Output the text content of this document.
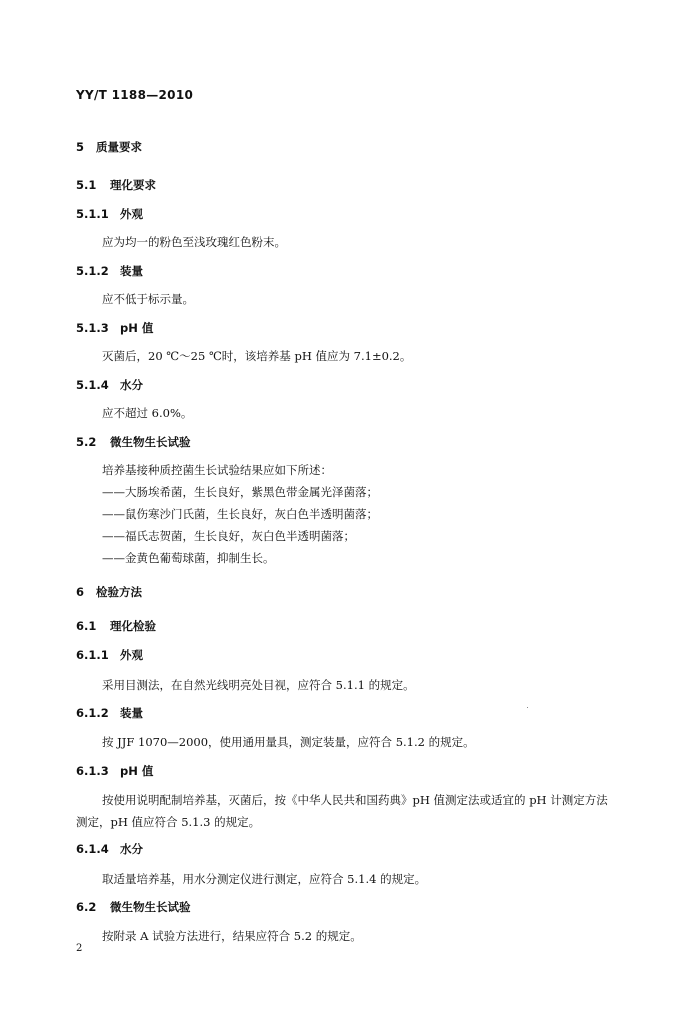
YY/T 1188—2010
5 质量要求
5.1 理化要求
5.1.1 外观
应为均一的粉色至浅玫瑰红色粉末。
5.1.2 装量
应不低于标示量。
5.1.3 pH 值
灭菌后，20 ℃～25 ℃时，该培养基 pH 值应为 7.1±0.2。
5.1.4 水分
应不超过 6.0%。
5.2 微生物生长试验
培养基接种质控菌生长试验结果应如下所述：
——大肠埃希菌，生长良好，紫黑色带金属光泽菌落；
——鼠伤寒沙门氏菌，生长良好，灰白色半透明菌落；
——福氏志贺菌，生长良好，灰白色半透明菌落；
——金黄色葡萄球菌，抑制生长。
6 检验方法
6.1 理化检验
6.1.1 外观
采用目测法，在自然光线明亮处目视，应符合 5.1.1 的规定。
6.1.2 装量
按 JJF 1070—2000，使用通用量具，测定装量，应符合 5.1.2 的规定。
6.1.3 pH 值
按使用说明配制培养基，灭菌后，按《中华人民共和国药典》pH 值测定法或适宜的 pH 计测定方法
测定，pH 值应符合 5.1.3 的规定。
6.1.4 水分
取适量培养基，用水分测定仪进行测定，应符合 5.1.4 的规定。
6.2 微生物生长试验
按附录 A 试验方法进行，结果应符合 5.2 的规定。
2
